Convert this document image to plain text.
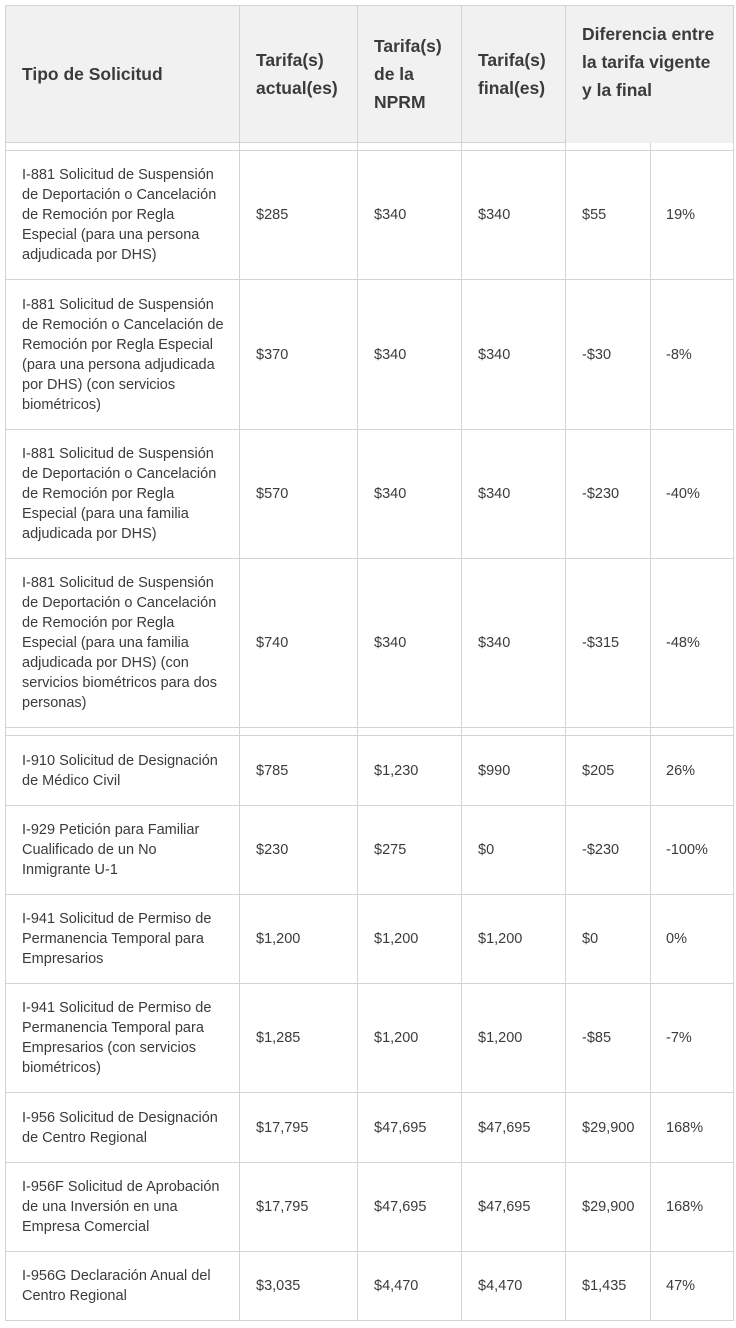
Tipo de Solicitud	Tarifa(s) actual(es)	Tarifa(s) de la NPRM	Tarifa(s) final(es)	Diferencia entre la tarifa vigente y la final	

I-881 Solicitud de Suspensión de Deportación o Cancelación de Remoción por Regla Especial (para una persona adjudicada por DHS)	$285	$340	$340	$55	19%
I-881 Solicitud de Suspensión de Remoción o Cancelación de Remoción por Regla Especial (para una persona adjudicada por DHS) (con servicios biométricos)	$370	$340	$340	-$30	-8%
I-881 Solicitud de Suspensión de Deportación o Cancelación de Remoción por Regla Especial (para una familia adjudicada por DHS)	$570	$340	$340	-$230	-40%
I-881 Solicitud de Suspensión de Deportación o Cancelación de Remoción por Regla Especial (para una familia adjudicada por DHS) (con servicios biométricos para dos personas)	$740	$340	$340	-$315	-48%

I-910 Solicitud de Designación de Médico Civil	$785	$1,230	$990	$205	26%
I-929 Petición para Familiar Cualificado de un No Inmigrante U-1	$230	$275	$0	-$230	-100%
I-941 Solicitud de Permiso de Permanencia Temporal para Empresarios	$1,200	$1,200	$1,200	$0	0%
I-941 Solicitud de Permiso de Permanencia Temporal para Empresarios (con servicios biométricos)	$1,285	$1,200	$1,200	-$85	-7%
I-956 Solicitud de Designación de Centro Regional	$17,795	$47,695	$47,695	$29,900	168%
I-956F Solicitud de Aprobación de una Inversión en una Empresa Comercial	$17,795	$47,695	$47,695	$29,900	168%
I-956G Declaración Anual del Centro Regional	$3,035	$4,470	$4,470	$1,435	47%
